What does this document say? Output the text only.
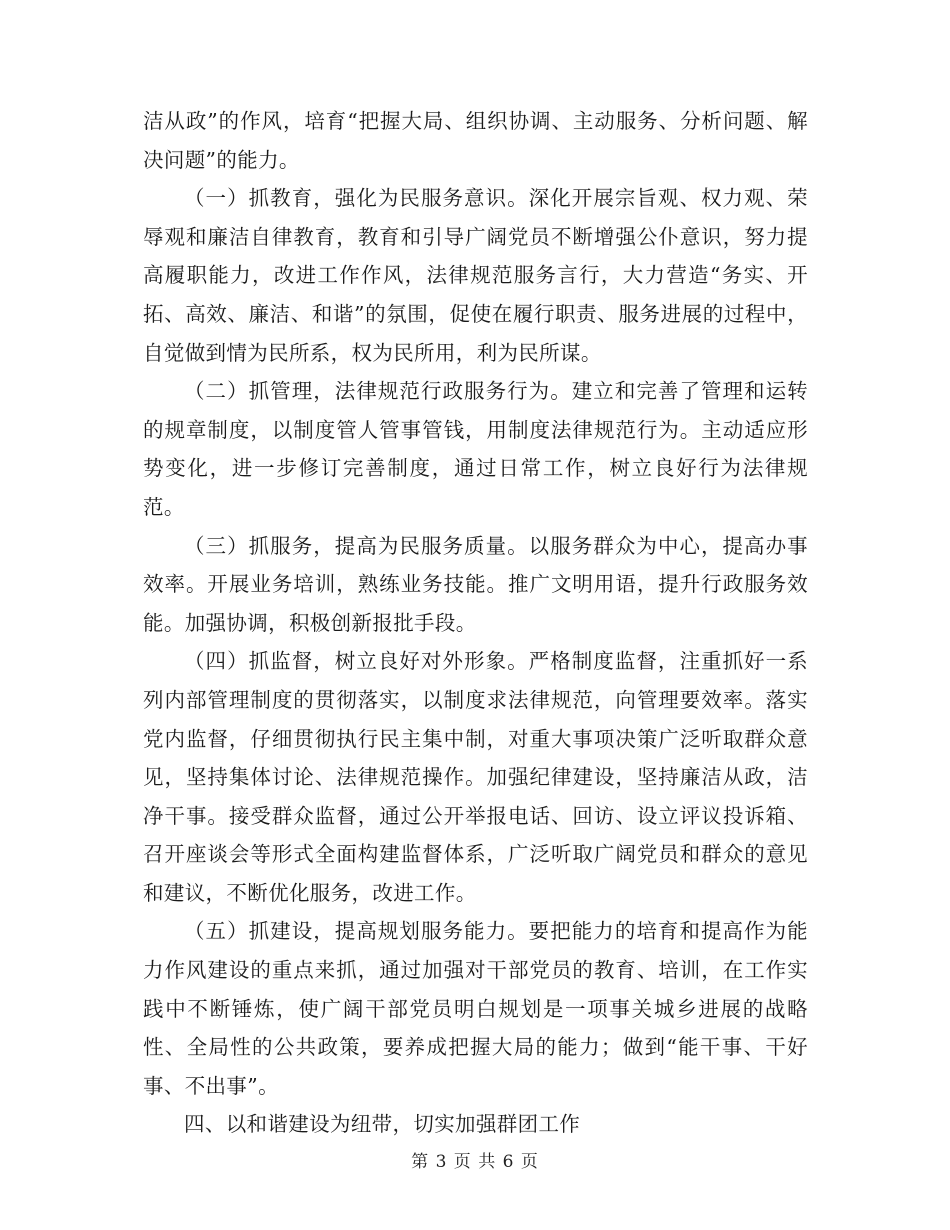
洁从政”的作风，培育“把握大局、组织协调、主动服务、分析问题、解决问题”的能力。

（一）抓教育，强化为民服务意识。深化开展宗旨观、权力观、荣辱观和廉洁自律教育，教育和引导广阔党员不断增强公仆意识，努力提高履职能力，改进工作作风，法律规范服务言行，大力营造“务实、开拓、高效、廉洁、和谐”的氛围，促使在履行职责、服务进展的过程中，自觉做到情为民所系，权为民所用，利为民所谋。

（二）抓管理，法律规范行政服务行为。建立和完善了管理和运转的规章制度，以制度管人管事管钱，用制度法律规范行为。主动适应形势变化，进一步修订完善制度，通过日常工作，树立良好行为法律规范。

（三）抓服务，提高为民服务质量。以服务群众为中心，提高办事效率。开展业务培训，熟练业务技能。推广文明用语，提升行政服务效能。加强协调，积极创新报批手段。

（四）抓监督，树立良好对外形象。严格制度监督，注重抓好一系列内部管理制度的贯彻落实，以制度求法律规范，向管理要效率。落实党内监督，仔细贯彻执行民主集中制，对重大事项决策广泛听取群众意见，坚持集体讨论、法律规范操作。加强纪律建设，坚持廉洁从政，洁净干事。接受群众监督，通过公开举报电话、回访、设立评议投诉箱、召开座谈会等形式全面构建监督体系，广泛听取广阔党员和群众的意见和建议，不断优化服务，改进工作。

（五）抓建设，提高规划服务能力。要把能力的培育和提高作为能力作风建设的重点来抓，通过加强对干部党员的教育、培训，在工作实践中不断锤炼，使广阔干部党员明白规划是一项事关城乡进展的战略性、全局性的公共政策，要养成把握大局的能力；做到“能干事、干好事、不出事”。

四、以和谐建设为纽带，切实加强群团工作

第 3 页 共 6 页
